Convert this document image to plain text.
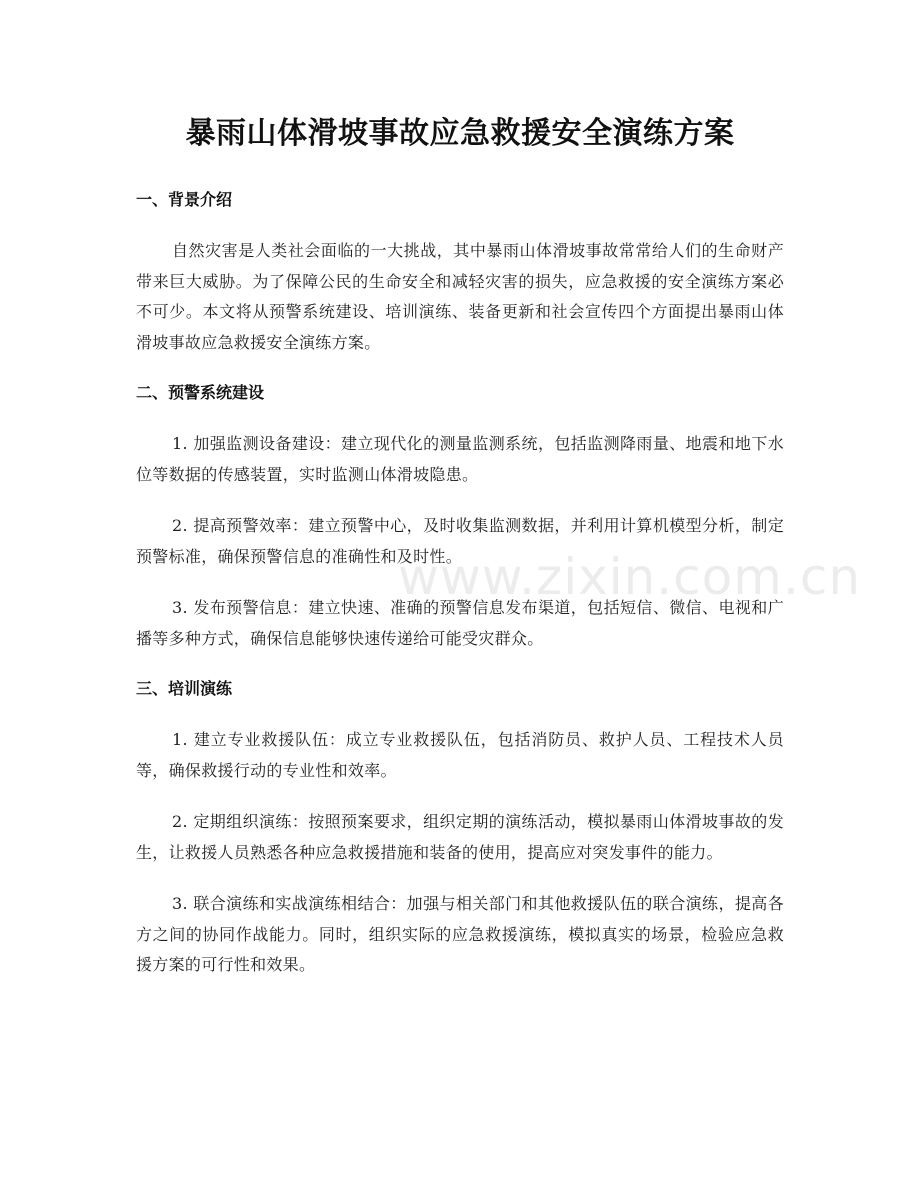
暴雨山体滑坡事故应急救援安全演练方案
一、背景介绍

自然灾害是人类社会面临的一大挑战，其中暴雨山体滑坡事故常常给人们的生命财产带来巨大威胁。为了保障公民的生命安全和减轻灾害的损失，应急救援的安全演练方案必不可少。本文将从预警系统建设、培训演练、装备更新和社会宣传四个方面提出暴雨山体滑坡事故应急救援安全演练方案。

二、预警系统建设

1. 加强监测设备建设：建立现代化的测量监测系统，包括监测降雨量、地震和地下水位等数据的传感装置，实时监测山体滑坡隐患。

2. 提高预警效率：建立预警中心，及时收集监测数据，并利用计算机模型分析，制定预警标准，确保预警信息的准确性和及时性。

3. 发布预警信息：建立快速、准确的预警信息发布渠道，包括短信、微信、电视和广播等多种方式，确保信息能够快速传递给可能受灾群众。

三、培训演练

1. 建立专业救援队伍：成立专业救援队伍，包括消防员、救护人员、工程技术人员等，确保救援行动的专业性和效率。

2. 定期组织演练：按照预案要求，组织定期的演练活动，模拟暴雨山体滑坡事故的发生，让救援人员熟悉各种应急救援措施和装备的使用，提高应对突发事件的能力。

3. 联合演练和实战演练相结合：加强与相关部门和其他救援队伍的联合演练，提高各方之间的协同作战能力。同时，组织实际的应急救援演练，模拟真实的场景，检验应急救援方案的可行性和效果。

www.zixin.com.cn
